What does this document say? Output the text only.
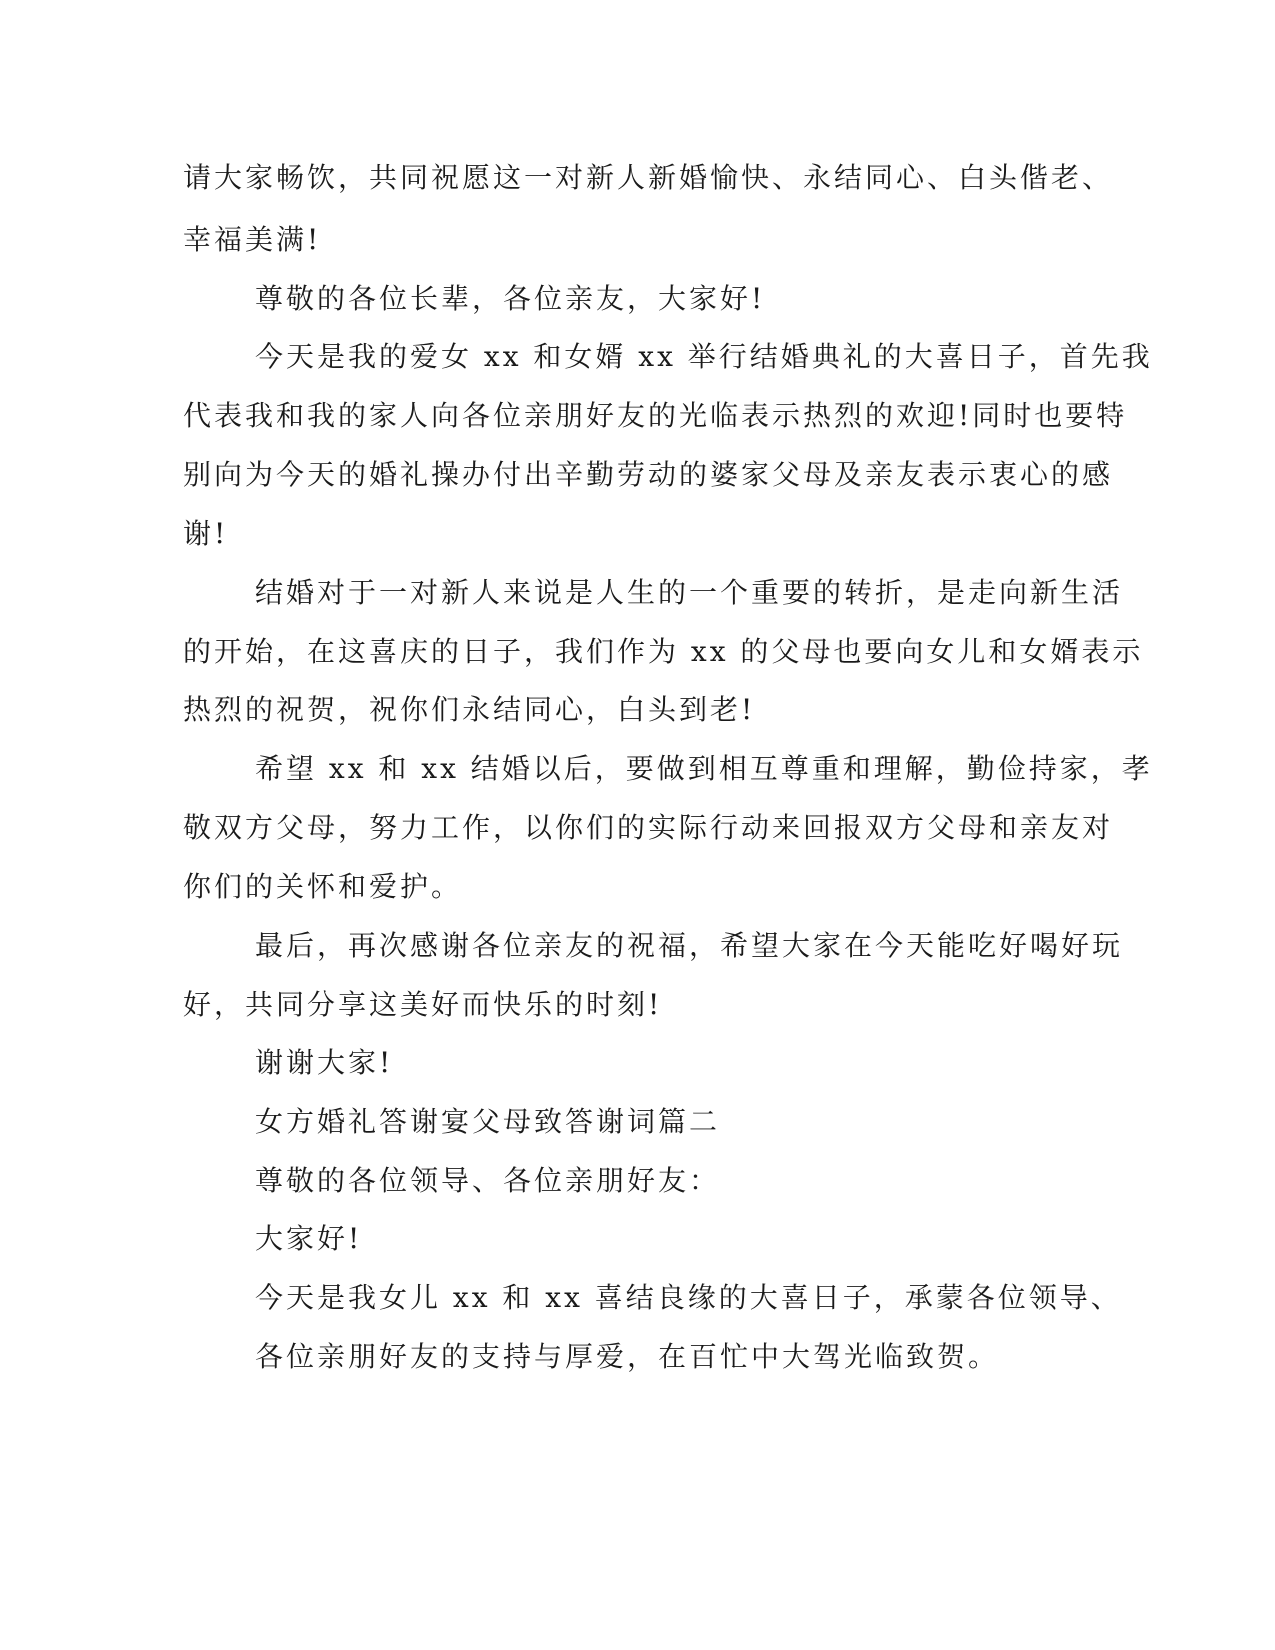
请大家畅饮，共同祝愿这一对新人新婚愉快、永结同心、白头偕老、
幸福美满!
尊敬的各位长辈，各位亲友，大家好!
今天是我的爱女 xx 和女婿 xx 举行结婚典礼的大喜日子，首先我
代表我和我的家人向各位亲朋好友的光临表示热烈的欢迎!同时也要特
别向为今天的婚礼操办付出辛勤劳动的婆家父母及亲友表示衷心的感
谢!
结婚对于一对新人来说是人生的一个重要的转折，是走向新生活
的开始，在这喜庆的日子，我们作为 xx 的父母也要向女儿和女婿表示
热烈的祝贺，祝你们永结同心，白头到老!
希望 xx 和 xx 结婚以后，要做到相互尊重和理解，勤俭持家，孝
敬双方父母，努力工作，以你们的实际行动来回报双方父母和亲友对
你们的关怀和爱护。
最后，再次感谢各位亲友的祝福，希望大家在今天能吃好喝好玩
好，共同分享这美好而快乐的时刻!
谢谢大家!
女方婚礼答谢宴父母致答谢词篇二
尊敬的各位领导、各位亲朋好友：
大家好!
今天是我女儿 xx 和 xx 喜结良缘的大喜日子，承蒙各位领导、
各位亲朋好友的支持与厚爱，在百忙中大驾光临致贺。
